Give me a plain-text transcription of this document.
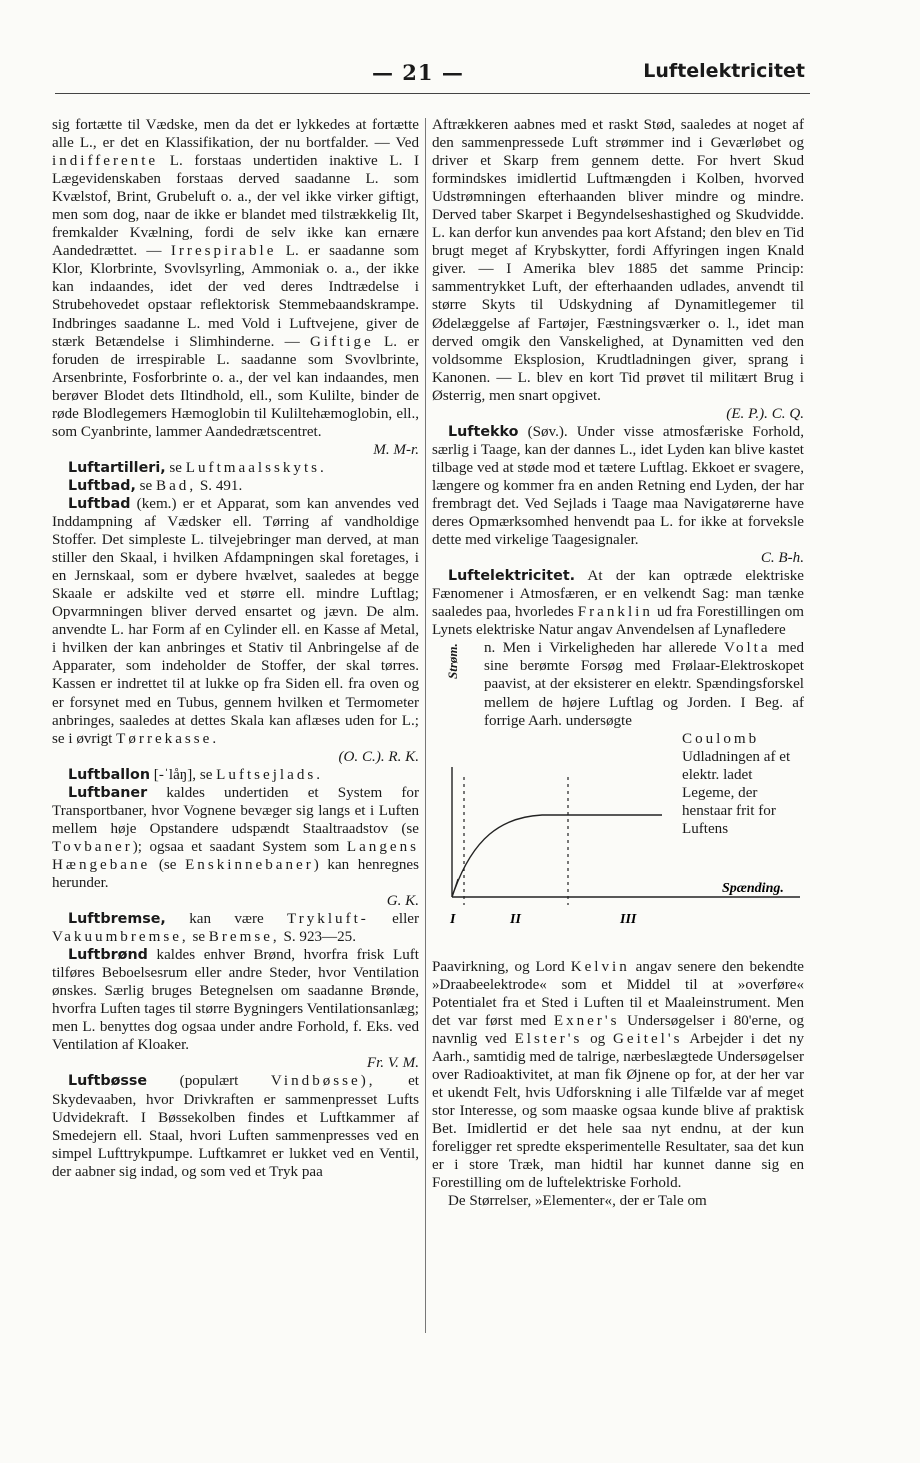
— 21 —	Luftelektricitet

sig fortætte til Vædske, men da det er lykkedes at fortætte alle L., er det en Klassifikation, der nu bortfalder. — Ved indifferente L. forstaas undertiden inaktive L. I Lægevidenskaben forstaas derved saadanne L. som Kvælstof, Brint, Grubeluft o. a., der vel ikke virker giftigt, men som dog, naar de ikke er blandet med tilstrækkelig Ilt, fremkalder Kvælning, fordi de selv ikke kan ernære Aandedrættet. — Irrespirable L. er saadanne som Klor, Klorbrinte, Svovlsyrling, Ammoniak o. a., der ikke kan indaandes, idet der ved deres Indtrædelse i Strubehovedet opstaar reflektorisk Stemmebaandskrampe. Indbringes saadanne L. med Vold i Luftvejene, giver de stærk Betændelse i Slimhinderne. — Giftige L. er foruden de irrespirable L. saadanne som Svovlbrinte, Arsenbrinte, Fosforbrinte o. a., der vel kan indaandes, men berøver Blodet dets Iltindhold, ell., som Kulilte, binder de røde Blodlegemers Hæmoglobin til Kuliltehæmoglobin, ell., som Cyanbrinte, lammer Aandedrætscentret.

M. M-r.

Luftartilleri, se Luftmaalsskyts.

Luftbad, se Bad, S. 491.

Luftbad (kem.) er et Apparat, som kan anvendes ved Inddampning af Vædsker ell. Tørring af vandholdige Stoffer. Det simpleste L. tilvejebringer man derved, at man stiller den Skaal, i hvilken Afdampningen skal foretages, i en Jernskaal, som er dybere hvælvet, saaledes at begge Skaale er adskilte ved et større ell. mindre Luftlag; Opvarmningen bliver derved ensartet og jævn. De alm. anvendte L. har Form af en Cylinder ell. en Kasse af Metal, i hvilken der kan anbringes et Stativ til Anbringelse af de Apparater, som indeholder de Stoffer, der skal tørres. Kassen er indrettet til at lukke op fra Siden ell. fra oven og er forsynet med en Tubus, gennem hvilken et Termometer anbringes, saaledes at dettes Skala kan aflæses uden for L.; se i øvrigt Tørrekasse.

(O. C.). R. K.

Luftballon [-ˈlåŋ], se Luftsejlads.

Luftbaner kaldes undertiden et System for Transportbaner, hvor Vognene bevæger sig langs et i Luften mellem høje Opstandere udspændt Staaltraadstov (se Tovbaner); ogsaa et saadant System som Langens Hængebane (se Enskinnebaner) kan henregnes herunder.

G. K.

Luftbremse, kan være Trykluft- eller Vakuumbremse, se Bremse, S. 923—25.

Luftbrønd kaldes enhver Brønd, hvorfra frisk Luft tilføres Beboelsesrum eller andre Steder, hvor Ventilation ønskes. Særlig bruges Betegnelsen om saadanne Brønde, hvorfra Luften tages til større Bygningers Ventilationsanlæg; men L. benyttes dog ogsaa under andre Forhold, f. Eks. ved Ventilation af Kloaker.

Fr. V. M.

Luftbøsse (populært Vindbøsse), et Skydevaaben, hvor Drivkraften er sammenpresset Lufts Udvidekraft. I Bøssekolben findes et Luftkammer af Smedejern ell. Staal, hvori Luften sammenpresses ved en simpel Lufttrykpumpe. Luftkamret er lukket ved en Ventil, der aabner sig indad, og som ved et Tryk paa

Aftrækkeren aabnes med et raskt Stød, saaledes at noget af den sammenpressede Luft strømmer ind i Geværløbet og driver et Skarp frem gennem dette. For hvert Skud formindskes imidlertid Luftmængden i Kolben, hvorved Udstrømningen efterhaanden bliver mindre og mindre. Derved taber Skarpet i Begyndelseshastighed og Skudvidde. L. kan derfor kun anvendes paa kort Afstand; den blev en Tid brugt meget af Krybskytter, fordi Affyringen ingen Knald giver. — I Amerika blev 1885 det samme Princip: sammentrykket Luft, der efterhaanden udlades, anvendt til større Skyts til Udskydning af Dynamitlegemer til Ødelæggelse af Fartøjer, Fæstningsværker o. l., idet man derved omgik den Vanskelighed, at Dynamitten ved den voldsomme Eksplosion, Krudtladningen giver, sprang i Kanonen. — L. blev en kort Tid prøvet til militært Brug i Østerrig, men snart opgivet.

(E. P.). C. Q.

Luftekko (Søv.). Under visse atmosfæriske Forhold, særlig i Taage, kan der dannes L., idet Lyden kan blive kastet tilbage ved at støde mod et tætere Luftlag. Ekkoet er svagere, længere og kommer fra en anden Retning end Lyden, der har frembragt det. Ved Sejlads i Taage maa Navigatørerne have deres Opmærksomhed henvendt paa L. for ikke at forveksle dette med virkelige Taagesignaler.

C. B-h.

Luftelektricitet. At der kan optræde elektriske Fænomener i Atmosfæren, er en velkendt Sag: man tænke saaledes paa, hvorledes Franklin ud fra Forestillingen om Lynets elektriske Natur angav Anvendelsen af Lynafledere

Strøm. n. Men i Virkeligheden har allerede Volta med sine berømte Forsøg med Frølaar-Elektroskopet paavist, at der eksisterer en elektr. Spændingsforskel mellem de højere Luftlag og Jorden. I Beg. af forrige Aarh. undersøgte

Coulomb

Udladningen af et elektr. ladet Legeme, der henstaar frit for Luftens

Spænding.
I	II	III

Paavirkning, og Lord Kelvin angav senere den bekendte »Draabeelektrode« som et Middel til at »overføre« Potentialet fra et Sted i Luften til et Maaleinstrument. Men det var først med Exner's Undersøgelser i 80'erne, og navnlig ved Elster's og Geitel's Arbejder i det ny Aarh., samtidig med de talrige, nærbeslægtede Undersøgelser over Radioaktivitet, at man fik Øjnene op for, at der her var et ukendt Felt, hvis Udforskning i alle Tilfælde var af meget stor Interesse, og som maaske ogsaa kunde blive af praktisk Bet. Imidlertid er det hele saa nyt endnu, at der kun foreligger ret spredte eksperimentelle Resultater, saa det kun er i store Træk, man hidtil har kunnet danne sig en Forestilling om de luftelektriske Forhold.

De Størrelser, »Elementer«, der er Tale om
